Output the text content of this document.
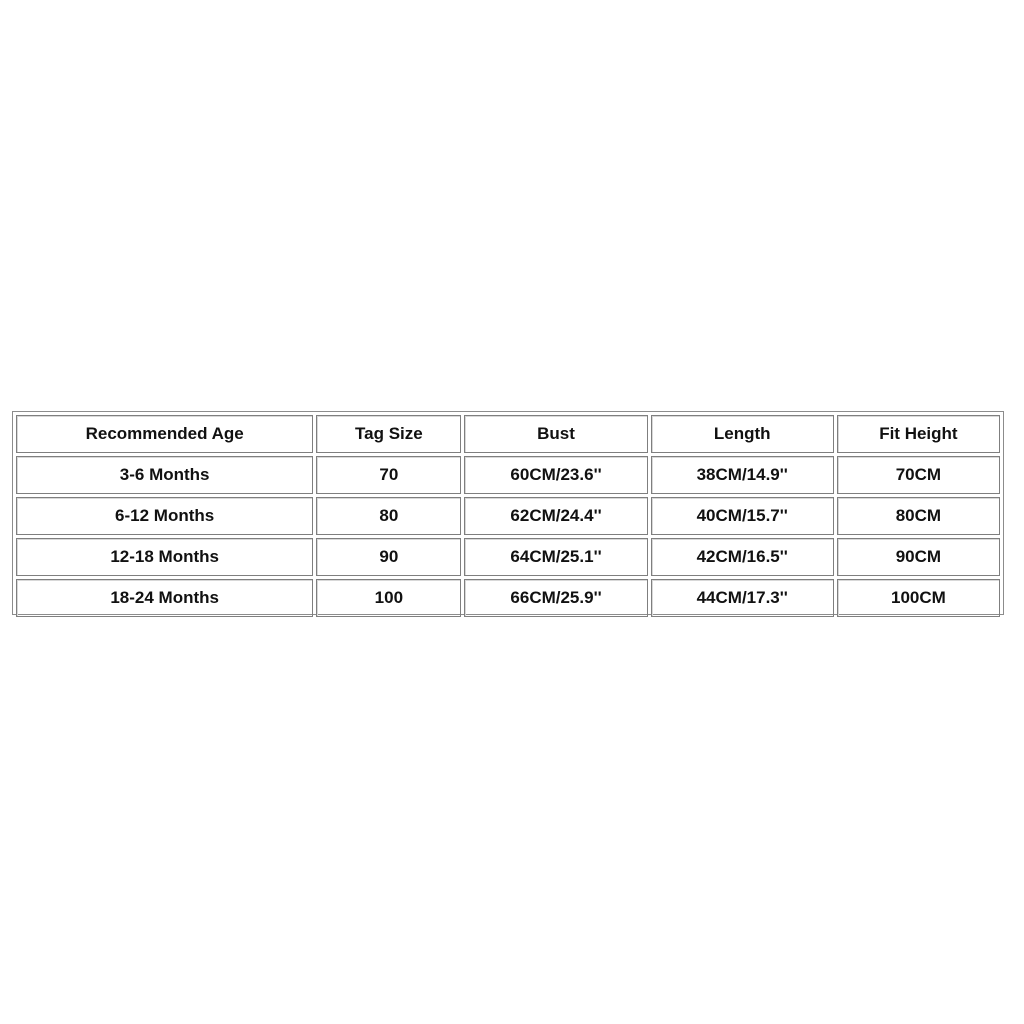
Recommended Age	Tag Size	Bust	Length	Fit Height
3-6 Months	70	60CM/23.6''	38CM/14.9''	70CM
6-12 Months	80	62CM/24.4''	40CM/15.7''	80CM
12-18 Months	90	64CM/25.1''	42CM/16.5''	90CM
18-24 Months	100	66CM/25.9''	44CM/17.3''	100CM
